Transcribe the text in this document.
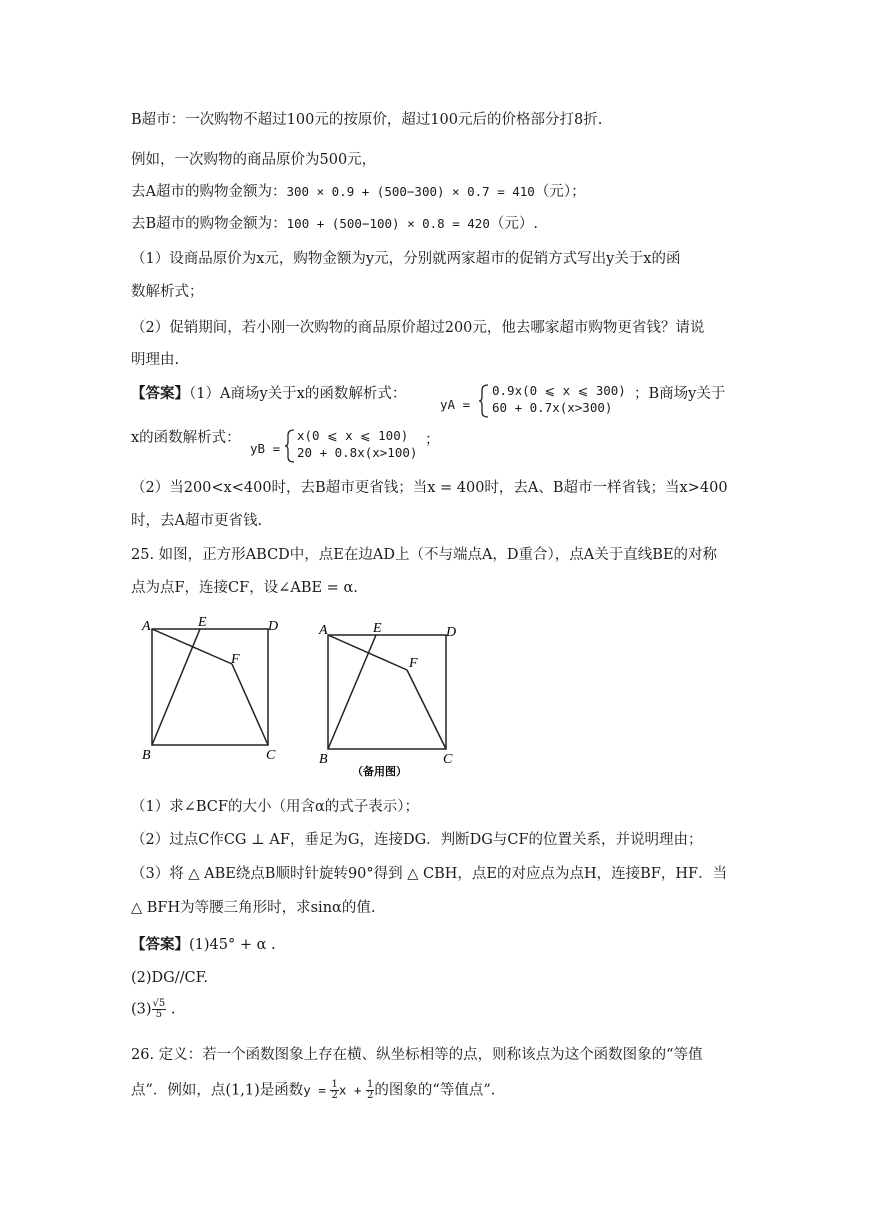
B超市：一次购物不超过100元的按原价，超过100元后的价格部分打8折.
例如，一次购物的商品原价为500元，
去A超市的购物金额为：300 × 0.9 + (500−300) × 0.7 = 410（元）；
去B超市的购物金额为：100 + (500−100) × 0.8 = 420（元）.
（1）设商品原价为x元，购物金额为y元，分别就两家超市的促销方式写出y关于x的函
数解析式；
（2）促销期间，若小刚一次购物的商品原价超过200元，他去哪家超市购物更省钱？请说
明理由.
【答案】（1）A商场y关于x的函数解析式：
yA =
0.9x(0 ⩽ x ⩽ 300)
60 + 0.7x(x>300)
；B商场y关于
x的函数解析式：
yB =
x(0 ⩽ x ⩽ 100)
20 + 0.8x(x>100)
；
（2）当200<x<400时，去B超市更省钱；当x = 400时，去A、B超市一样省钱；当x>400
时，去A超市更省钱.
25. 如图，正方形ABCD中，点E在边AD上（不与端点A，D重合），点A关于直线BE的对称
点为点F，连接CF，设∠ABE = α.
A	E	D
F
B	C
A	E	D
F
B	C
（备用图）
（1）求∠BCF的大小（用含α的式子表示）；
（2）过点C作CG ⊥ AF，垂足为G，连接DG．判断DG与CF的位置关系，并说明理由；
（3）将 △ ABE绕点B顺时针旋转90°得到 △ CBH，点E的对应点为点H，连接BF，HF．当
△ BFH为等腰三角形时，求sinα的值.
【答案】(1)45° + α .
(2)DG//CF.
$(3) \frac{√5}{5}$ .
26. 定义：若一个函数图象上存在横、纵坐标相等的点，则称该点为这个函数图象的“等值
点”．例如，点(1,1)是函数$y = \frac{1}{2}$ $x + \frac{1}{2}$ 的图象的“等值点”.
